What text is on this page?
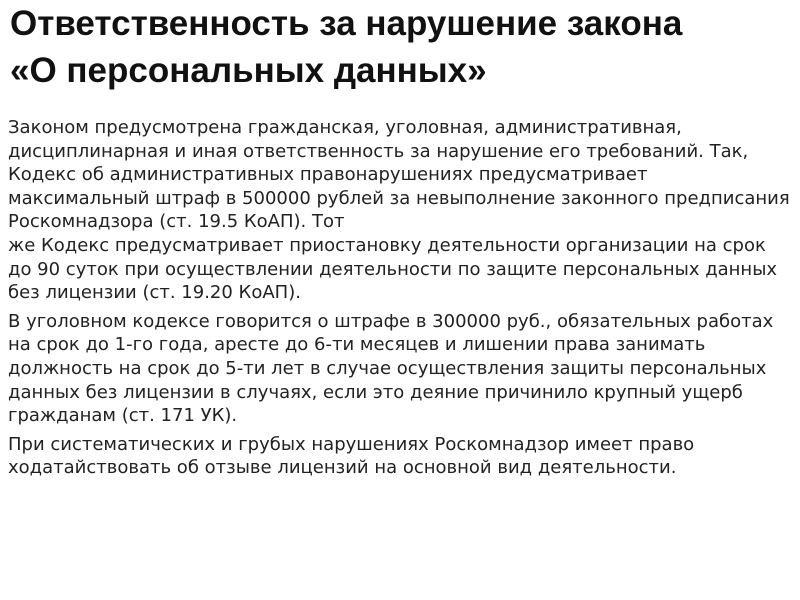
Ответственность за нарушение закона «О персональных данных»

Законом предусмотрена гражданская, уголовная, административная, дисциплинарная и иная ответственность за нарушение его требований. Так, Кодекс об административных правонарушениях предусматривает максимальный штраф в 500000 рублей за невыполнение законного предписания Роскомнадзора (ст. 19.5 КоАП). Тот
же Кодекс предусматривает приостановку деятельности организации на срок до 90 суток при осуществлении деятельности по защите персональных данных без лицензии (ст. 19.20 КоАП).

В уголовном кодексе говорится о штрафе в 300000 руб., обязательных работах на срок до 1-го года, аресте до 6-ти месяцев и лишении права занимать должность на срок до 5-ти лет в случае осуществления защиты персональных данных без лицензии в случаях, если это деяние причинило крупный ущерб гражданам (ст. 171 УК).

При систематических и грубых нарушениях Роскомнадзор имеет право ходатайствовать об отзыве лицензий на основной вид деятельности.
